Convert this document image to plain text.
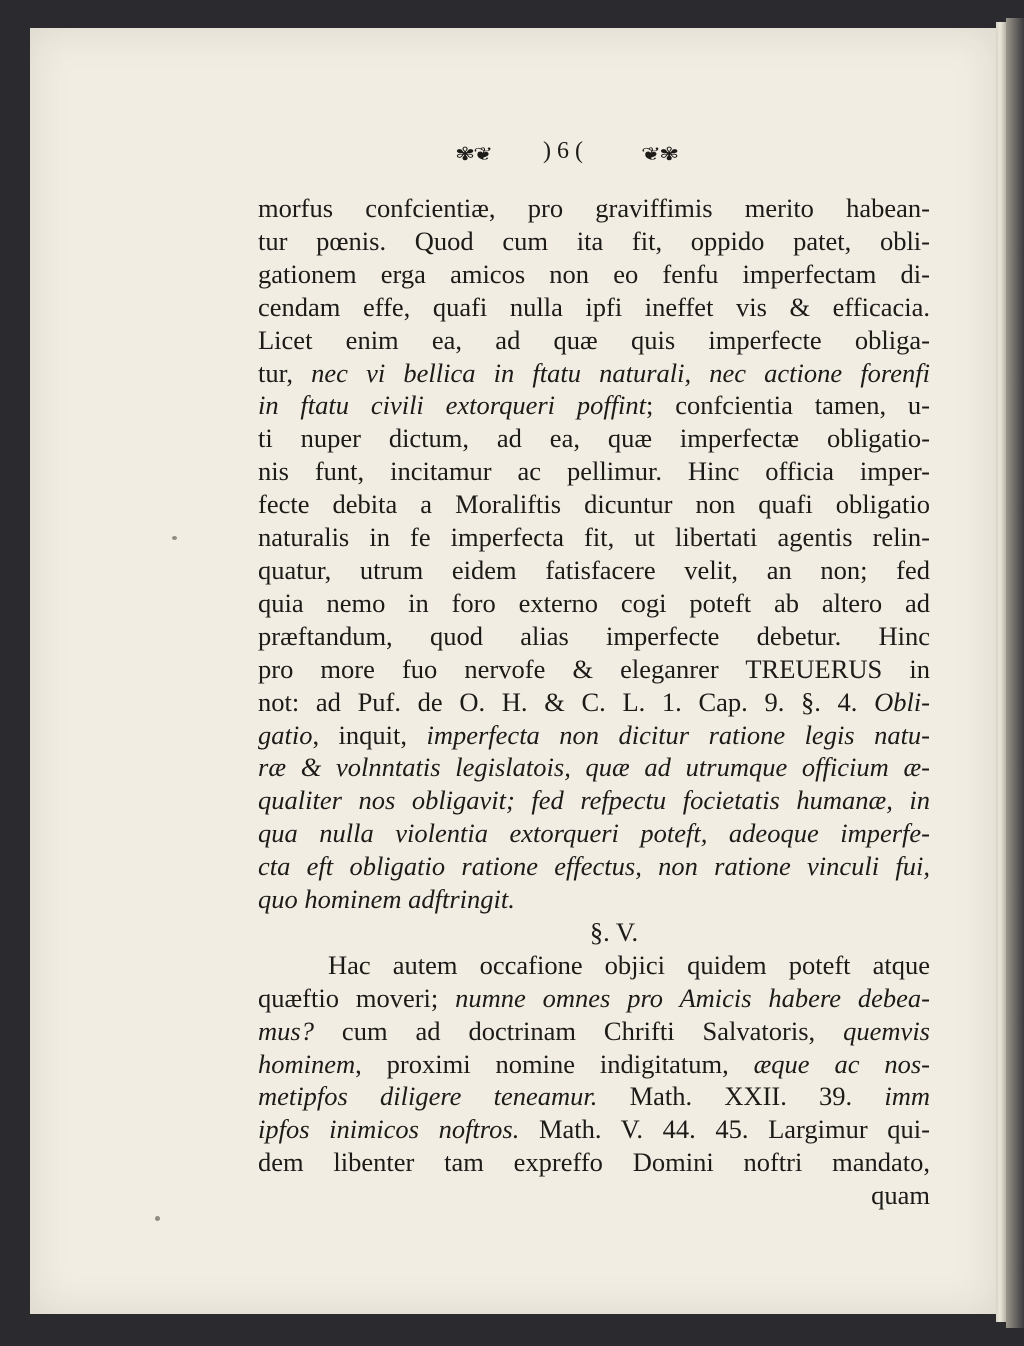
✾❦ ) 6 ( ❦✾
morfus confcientiæ, pro graviffimis merito habean-
tur pœnis. Quod cum ita fit, oppido patet, obli-
gationem erga amicos non eo fenfu imperfectam di-
cendam effe, quafi nulla ipfi ineffet vis & efficacia.
Licet enim ea, ad quæ quis imperfecte obliga-
tur, nec vi bellica in ftatu naturali, nec actione forenfi
in ftatu civili extorqueri poffint; confcientia tamen, u-
ti nuper dictum, ad ea, quæ imperfectæ obligatio-
nis funt, incitamur ac pellimur. Hinc officia imper-
fecte debita a Moraliftis dicuntur non quafi obligatio
naturalis in fe imperfecta fit, ut libertati agentis relin-
quatur, utrum eidem fatisfacere velit, an non; fed
quia nemo in foro externo cogi poteft ab altero ad
præftandum, quod alias imperfecte debetur. Hinc
pro more fuo nervofe & eleganrer TREUERUS in
not: ad Puf. de O. H. & C. L. 1. Cap. 9. §. 4. Obli-
gatio, inquit, imperfecta non dicitur ratione legis natu-
ræ & volnntatis legislatois, quæ ad utrumque officium æ-
qualiter nos obligavit; fed refpectu focietatis humanæ, in
qua nulla violentia extorqueri poteft, adeoque imperfe-
cta eft obligatio ratione effectus, non ratione vinculi fui,
quo hominem adftringit.
§. V.
Hac autem occafione objici quidem poteft atque
quæftio moveri; numne omnes pro Amicis habere debea-
mus? cum ad doctrinam Chrifti Salvatoris, quemvis
hominem, proximi nomine indigitatum, æque ac nos-
metipfos diligere teneamur. Math. XXII. 39. imm
ipfos inimicos noftros. Math. V. 44. 45. Largimur qui-
dem libenter tam expreffo Domini noftri mandato,
quam
